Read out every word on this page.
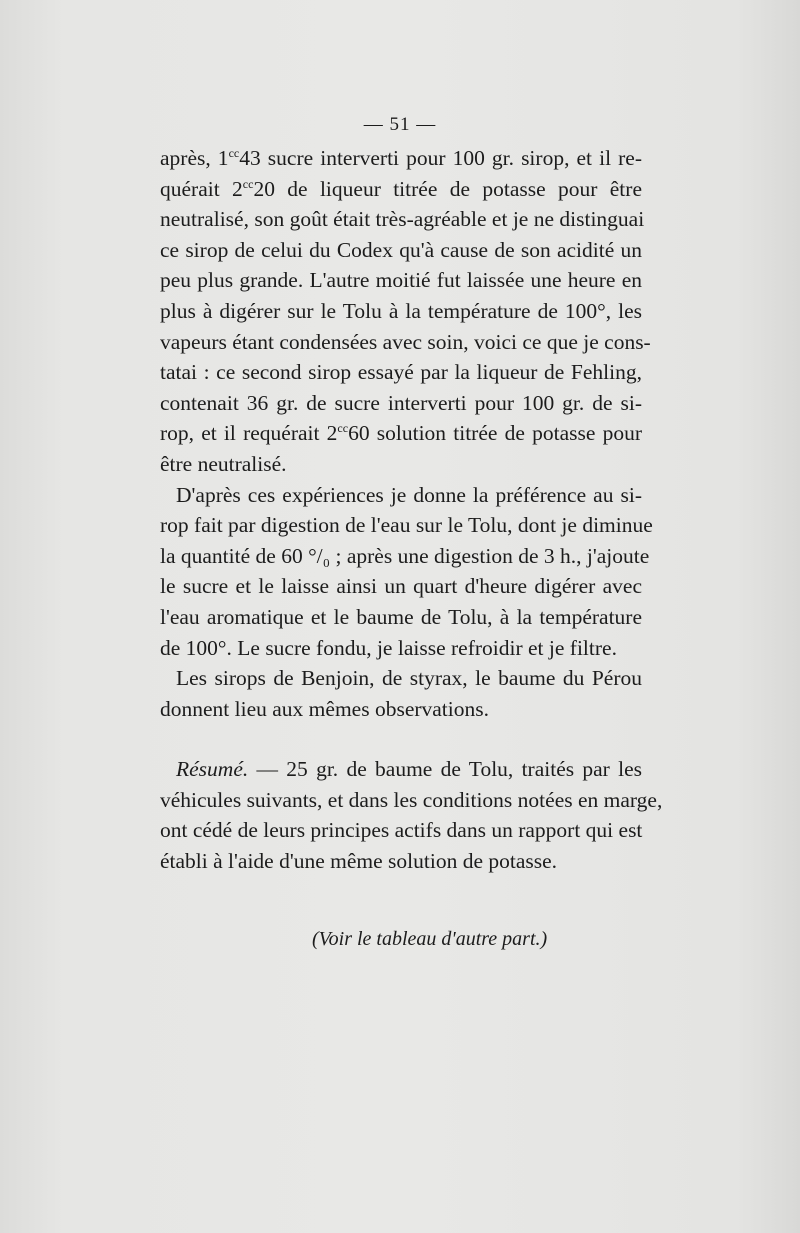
— 51 —
après, $1^{cc}43$ sucre interverti pour 100 gr. sirop, et il re-
quérait $2^{cc}20$ de liqueur titrée de potasse pour être
neutralisé, son goût était très-agréable et je ne distinguai
ce sirop de celui du Codex qu'à cause de son acidité un
peu plus grande. L'autre moitié fut laissée une heure en
plus à digérer sur le Tolu à la température de 100°, les
vapeurs étant condensées avec soin, voici ce que je cons-
tatai : ce second sirop essayé par la liqueur de Fehling,
contenait 36 gr. de sucre interverti pour 100 gr. de si-
rop, et il requérait $2^{cc}60$ solution titrée de potasse pour
être neutralisé.
D'après ces expériences je donne la préférence au si-
rop fait par digestion de l'eau sur le Tolu, dont je diminue
la quantité de 60 °/₀ ; après une digestion de 3 h., j'ajoute
le sucre et le laisse ainsi un quart d'heure digérer avec
l'eau aromatique et le baume de Tolu, à la température
de 100°. Le sucre fondu, je laisse refroidir et je filtre.
Les sirops de Benjoin, de styrax, le baume du Pérou
donnent lieu aux mêmes observations.
Résumé. — 25 gr. de baume de Tolu, traités par les
véhicules suivants, et dans les conditions notées en marge,
ont cédé de leurs principes actifs dans un rapport qui est
établi à l'aide d'une même solution de potasse.
(Voir le tableau d'autre part.)
